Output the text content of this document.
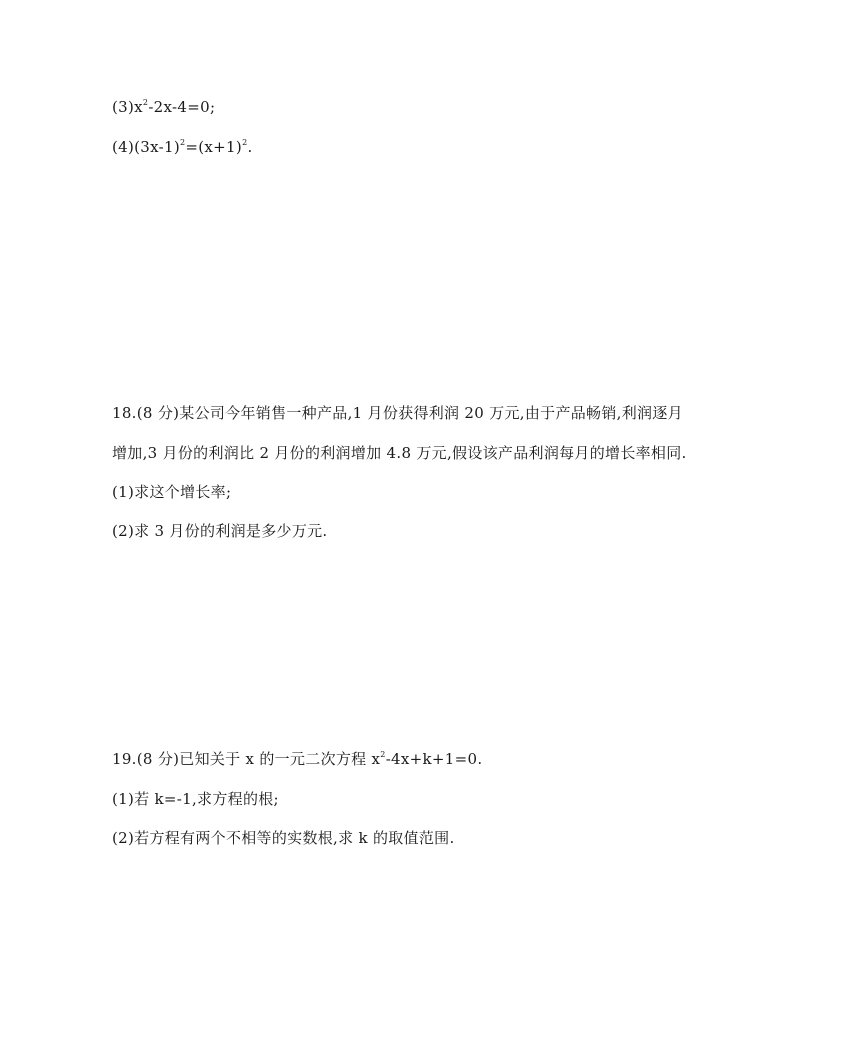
$(3)x^2-2x-4=0$;
$(4)(3x-1)^2=(x+1)^2$.
18.(8 分)某公司今年销售一种产品,1 月份获得利润 20 万元,由于产品畅销,利润逐月
增加,3 月份的利润比 2 月份的利润增加 4.8 万元,假设该产品利润每月的增长率相同.
(1)求这个增长率;
(2)求 3 月份的利润是多少万元.
19.(8 分)已知关于 x 的一元二次方程 $x^2-4x+k+1=0$.
(1)若 k=-1,求方程的根;
(2)若方程有两个不相等的实数根,求 k 的取值范围.
